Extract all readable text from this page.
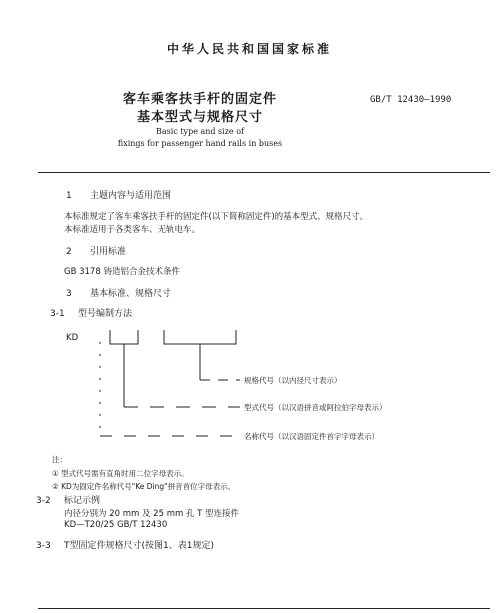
中华人民共和国国家标准
客车乘客扶手杆的固定件
基本型式与规格尺寸
GB/T 12430—1990
Basic type and size of
fixings for passenger hand rails in buses
1 主题内容与适用范围
本标准规定了客车乘客扶手杆的固定件(以下简称固定件)的基本型式、规格尺寸。
本标准适用于各类客车、无轨电车。
2 引用标准
GB 3178 铸造铝合金技术条件
3 基本标准、规格尺寸
3-1 型号编制方法
KD
规格代号（以内径尺寸表示）
型式代号（以汉语拼音或阿拉伯字母表示）
名称代号（以汉语固定件首字字母表示）
注：
① 型式代号需有直角时用二位字母表示。
② KD为固定件名称代号"Ke Ding"拼音首位字母表示。
3-2 标记示例
内径分别为 20 mm 及 25 mm 孔 T 型连接件
KD—T20/25 GB/T 12430
3-3 T型固定件规格尺寸(按图1、表1规定)
